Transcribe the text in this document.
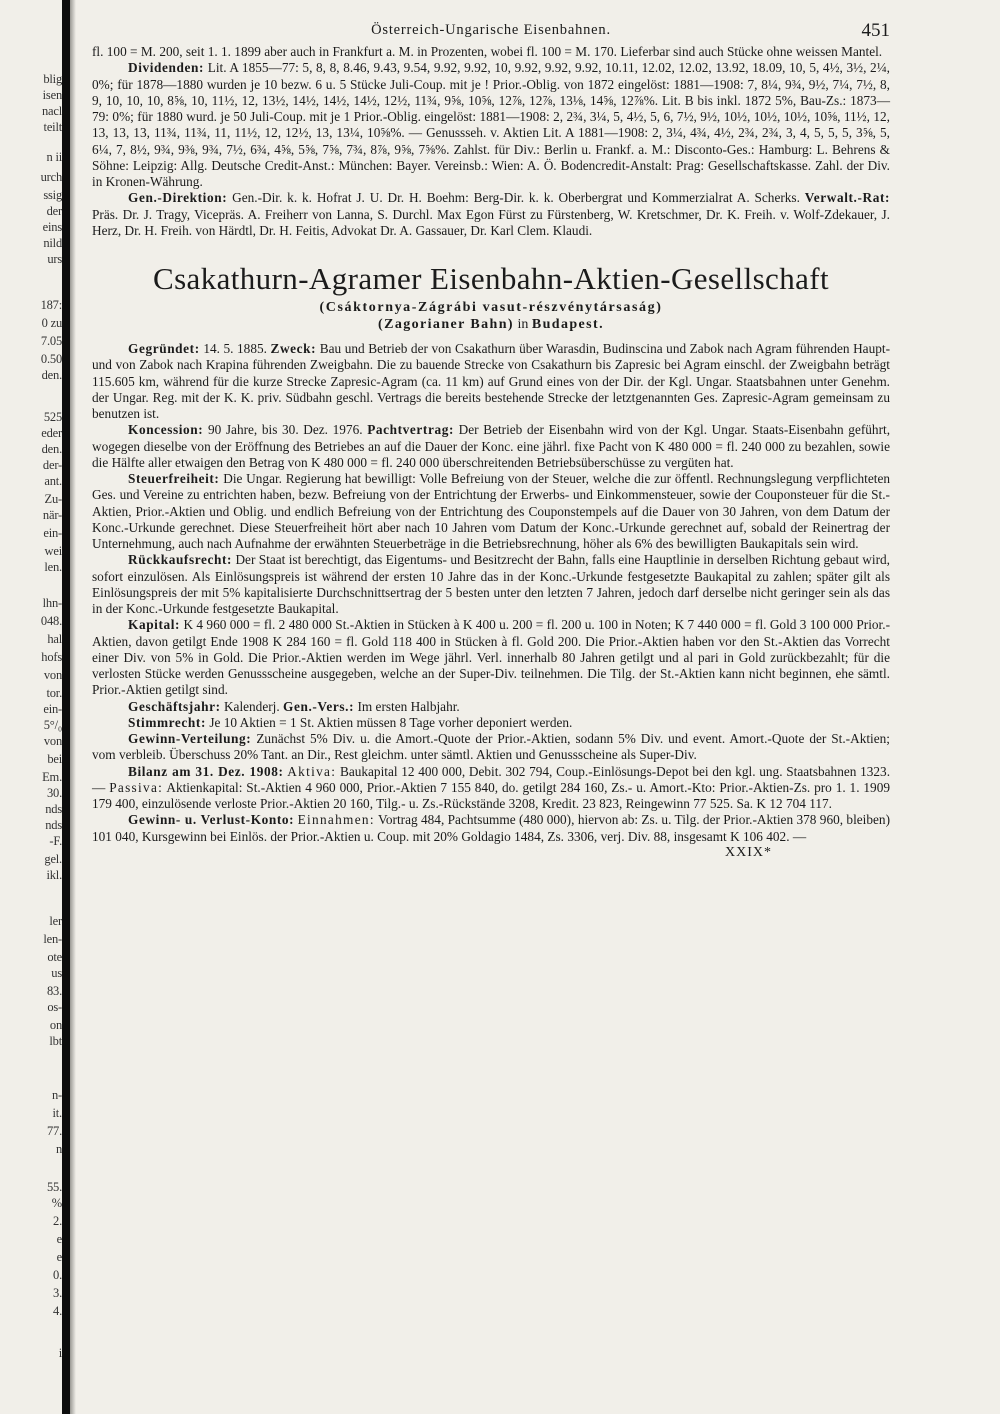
blig
isen
nacl
teilt
n ii
urch
ssig
der
eins
nild
urs
187:
0 zu
7.05
0.50
den.
525
eder
den.
der-
ant.
Zu-
när-
ein-
wei
len.
lhn-
048.
hal
hofs
von
tor.
ein-
5°/₀
von
bei
Em.
30.
nds
nds
-F.
gel.
ikl.
ler
len-
ote
us
83.
os-
on
lbt
n-
it.
77.
n
55.
%
2.
e
e
0.
3.
4.
i
Österreich-Ungarische Eisenbahnen.	451

fl. 100 = M. 200, seit 1. 1. 1899 aber auch in Frankfurt a. M. in Prozenten, wobei fl. 100 = M. 170. Lieferbar sind auch Stücke ohne weissen Mantel.

Dividenden: Lit. A 1855—77: 5, 8, 8, 8.46, 9.43, 9.54, 9.92, 9.92, 10, 9.92, 9.92, 9.92, 10.11, 12.02, 12.02, 13.92, 18.09, 10, 5, 4½, 3½, 2¼, 0%; für 1878—1880 wurden je 10 bezw. 6 u. 5 Stücke Juli-Coup. mit je ! Prior.-Oblig. von 1872 eingelöst: 1881—1908: 7, 8¼, 9¾, 9½, 7¼, 7½, 8, 9, 10, 10, 10, 8⅝, 10, 11½, 12, 13½, 14½, 14½, 14½, 12½, 11¾, 9⅝, 10⅝, 12⅞, 12⅞, 13⅛, 14⅝, 12⅞%. Lit. B bis inkl. 1872 5%, Bau-Zs.: 1873—79: 0%; für 1880 wurd. je 50 Juli-Coup. mit je 1 Prior.-Oblig. eingelöst: 1881—1908: 2, 2¾, 3¼, 5, 4½, 5, 6, 7½, 9½, 10½, 10½, 10½, 10⅝, 11½, 12, 13, 13, 13, 11¾, 11¾, 11, 11½, 12, 12½, 13, 13¼, 10⅝%. — Genussseh. v. Aktien Lit. A 1881—1908: 2, 3¼, 4¾, 4½, 2¾, 2¾, 3, 4, 5, 5, 5, 3⅝, 5, 6¼, 7, 8½, 9¾, 9⅜, 9¾, 7½, 6¾, 4⅝, 5⅝, 7⅝, 7¾, 8⅞, 9⅝, 7⅝%. Zahlst. für Div.: Berlin u. Frankf. a. M.: Disconto-Ges.: Hamburg: L. Behrens & Söhne: Leipzig: Allg. Deutsche Credit-Anst.: München: Bayer. Vereinsb.: Wien: A. Ö. Bodencredit-Anstalt: Prag: Gesellschaftskasse. Zahl. der Div. in Kronen-Währung.

Gen.-Direktion: Gen.-Dir. k. k. Hofrat J. U. Dr. H. Boehm: Berg-Dir. k. k. Oberbergrat und Kommerzialrat A. Scherks. Verwalt.-Rat: Präs. Dr. J. Tragy, Vicepräs. A. Freiherr von Lanna, S. Durchl. Max Egon Fürst zu Fürstenberg, W. Kretschmer, Dr. K. Freih. v. Wolf-Zdekauer, J. Herz, Dr. H. Freih. von Härdtl, Dr. H. Feitis, Advokat Dr. A. Gassauer, Dr. Karl Clem. Klaudi.

Csakathurn-Agramer Eisenbahn-Aktien-Gesellschaft
(Csáktornya-Zágrábi vasut-részvénytársaság)
(Zagorianer Bahn) in Budapest.

Gegründet: 14. 5. 1885. Zweck: Bau und Betrieb der von Csakathurn über Warasdin, Budinscina und Zabok nach Agram führenden Haupt- und von Zabok nach Krapina führenden Zweigbahn. Die zu bauende Strecke von Csakathurn bis Zapresic bei Agram einschl. der Zweigbahn beträgt 115.605 km, während für die kurze Strecke Zapresic-Agram (ca. 11 km) auf Grund eines von der Dir. der Kgl. Ungar. Staatsbahnen unter Genehm. der Ungar. Reg. mit der K. K. priv. Südbahn geschl. Vertrags die bereits bestehende Strecke der letztgenannten Ges. Zapresic-Agram gemeinsam zu benutzen ist.

Koncession: 90 Jahre, bis 30. Dez. 1976. Pachtvertrag: Der Betrieb der Eisenbahn wird von der Kgl. Ungar. Staats-Eisenbahn geführt, wogegen dieselbe von der Eröffnung des Betriebes an auf die Dauer der Konc. eine jährl. fixe Pacht von K 480 000 = fl. 240 000 zu bezahlen, sowie die Hälfte aller etwaigen den Betrag von K 480 000 = fl. 240 000 überschreitenden Betriebsüberschüsse zu vergüten hat.

Steuerfreiheit: Die Ungar. Regierung hat bewilligt: Volle Befreiung von der Steuer, welche die zur öffentl. Rechnungslegung verpflichteten Ges. und Vereine zu entrichten haben, bezw. Befreiung von der Entrichtung der Erwerbs- und Einkommensteuer, sowie der Couponsteuer für die St.-Aktien, Prior.-Aktien und Oblig. und endlich Befreiung von der Entrichtung des Couponstempels auf die Dauer von 30 Jahren, von dem Datum der Konc.-Urkunde gerechnet. Diese Steuerfreiheit hört aber nach 10 Jahren vom Datum der Konc.-Urkunde gerechnet auf, sobald der Reinertrag der Unternehmung, auch nach Aufnahme der erwähnten Steuerbeträge in die Betriebsrechnung, höher als 6% des bewilligten Baukapitals sein wird.

Rückkaufsrecht: Der Staat ist berechtigt, das Eigentums- und Besitzrecht der Bahn, falls eine Hauptlinie in derselben Richtung gebaut wird, sofort einzulösen. Als Einlösungspreis ist während der ersten 10 Jahre das in der Konc.-Urkunde festgesetzte Baukapital zu zahlen; später gilt als Einlösungspreis der mit 5% kapitalisierte Durchschnittsertrag der 5 besten unter den letzten 7 Jahren, jedoch darf derselbe nicht geringer sein als das in der Konc.-Urkunde festgesetzte Baukapital.

Kapital: K 4 960 000 = fl. 2 480 000 St.-Aktien in Stücken à K 400 u. 200 = fl. 200 u. 100 in Noten; K 7 440 000 = fl. Gold 3 100 000 Prior.-Aktien, davon getilgt Ende 1908 K 284 160 = fl. Gold 118 400 in Stücken à fl. Gold 200. Die Prior.-Aktien haben vor den St.-Aktien das Vorrecht einer Div. von 5% in Gold. Die Prior.-Aktien werden im Wege jährl. Verl. innerhalb 80 Jahren getilgt und al pari in Gold zurückbezahlt; für die verlosten Stücke werden Genussscheine ausgegeben, welche an der Super-Div. teilnehmen. Die Tilg. der St.-Aktien kann nicht beginnen, ehe sämtl. Prior.-Aktien getilgt sind.

Geschäftsjahr: Kalenderj. Gen.-Vers.: Im ersten Halbjahr.

Stimmrecht: Je 10 Aktien = 1 St. Aktien müssen 8 Tage vorher deponiert werden.

Gewinn-Verteilung: Zunächst 5% Div. u. die Amort.-Quote der Prior.-Aktien, sodann 5% Div. und event. Amort.-Quote der St.-Aktien; vom verbleib. Überschuss 20% Tant. an Dir., Rest gleichm. unter sämtl. Aktien und Genussscheine als Super-Div.

Bilanz am 31. Dez. 1908: Aktiva: Baukapital 12 400 000, Debit. 302 794, Coup.-Einlösungs-Depot bei den kgl. ung. Staatsbahnen 1323. — Passiva: Aktienkapital: St.-Aktien 4 960 000, Prior.-Aktien 7 155 840, do. getilgt 284 160, Zs.- u. Amort.-Kto: Prior.-Aktien-Zs. pro 1. 1. 1909 179 400, einzulösende verloste Prior.-Aktien 20 160, Tilg.- u. Zs.-Rückstände 3208, Kredit. 23 823, Reingewinn 77 525. Sa. K 12 704 117.

Gewinn- u. Verlust-Konto: Einnahmen: Vortrag 484, Pachtsumme (480 000), hiervon ab: Zs. u. Tilg. der Prior.-Aktien 378 960, bleiben) 101 040, Kursgewinn bei Einlös. der Prior.-Aktien u. Coup. mit 20% Goldagio 1484, Zs. 3306, verj. Div. 88, insgesamt K 106 402. —

XXIX*
